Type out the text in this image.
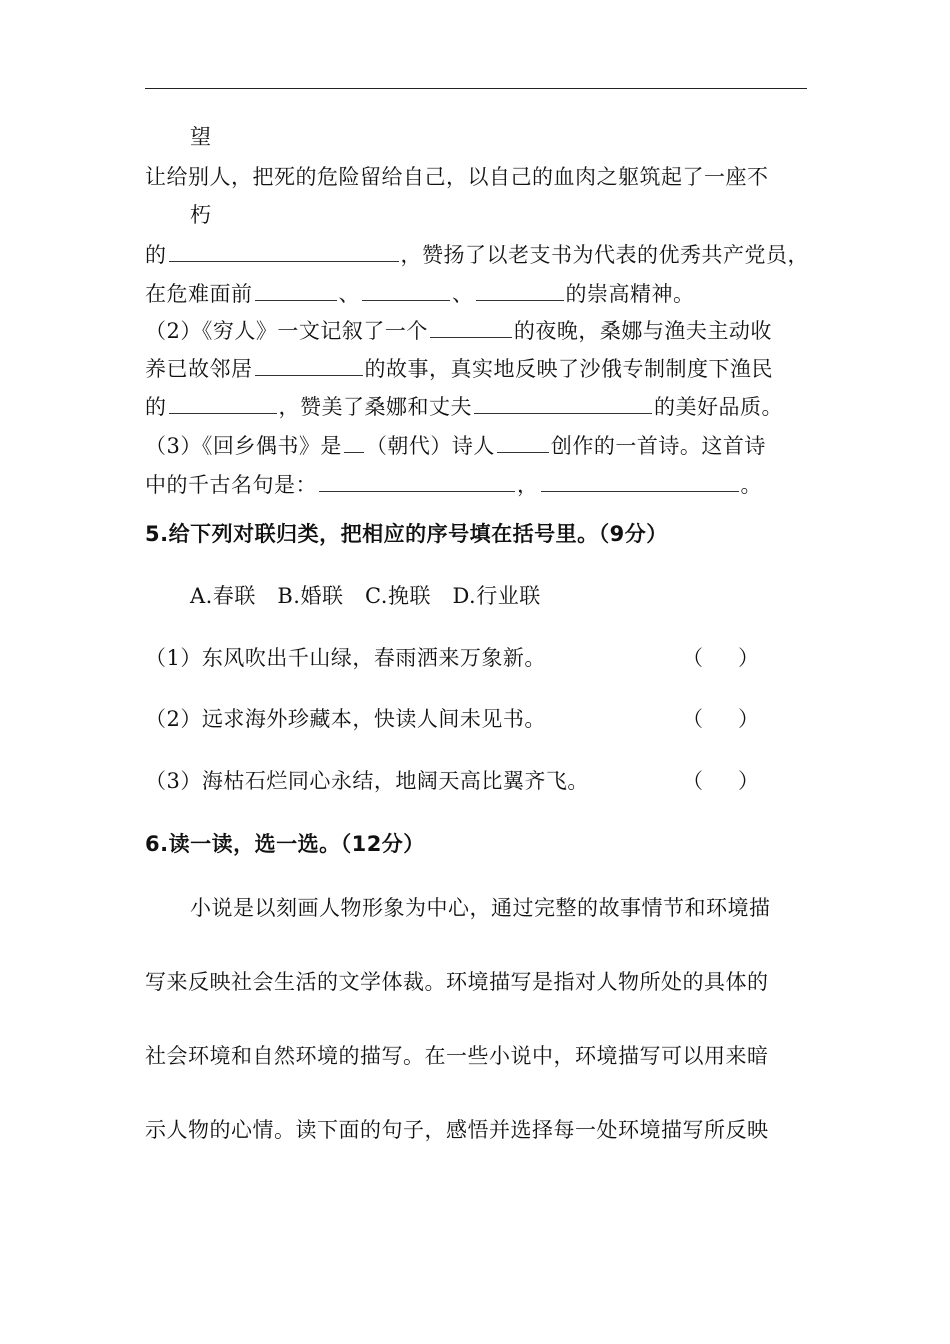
望
让给别人，把死的危险留给自己，以自己的血肉之躯筑起了一座不
朽
的	，赞扬了以老支书为代表的优秀共产党员，
在危难面前	、	、	的崇高精神。
（2）《穷人》一文记叙了一个	的夜晚，桑娜与渔夫主动收
养已故邻居	的故事，真实地反映了沙俄专制制度下渔民
的	，赞美了桑娜和丈夫	的美好品质。
（3）《回乡偶书》是 （朝代）诗人	创作的一首诗。这首诗
中的千古名句是：	，	。
5.给下列对联归类，把相应的序号填在括号里。（9分）
A.春联　B.婚联　C.挽联　D.行业联
（1）东风吹出千山绿，春雨洒来万象新。	（ ）
（2）远求海外珍藏本，快读人间未见书。	（ ）
（3）海枯石烂同心永结，地阔天高比翼齐飞。	（ ）
6.读一读，选一选。（12分）
小说是以刻画人物形象为中心，通过完整的故事情节和环境描
写来反映社会生活的文学体裁。环境描写是指对人物所处的具体的
社会环境和自然环境的描写。在一些小说中，环境描写可以用来暗
示人物的心情。读下面的句子，感悟并选择每一处环境描写所反映
